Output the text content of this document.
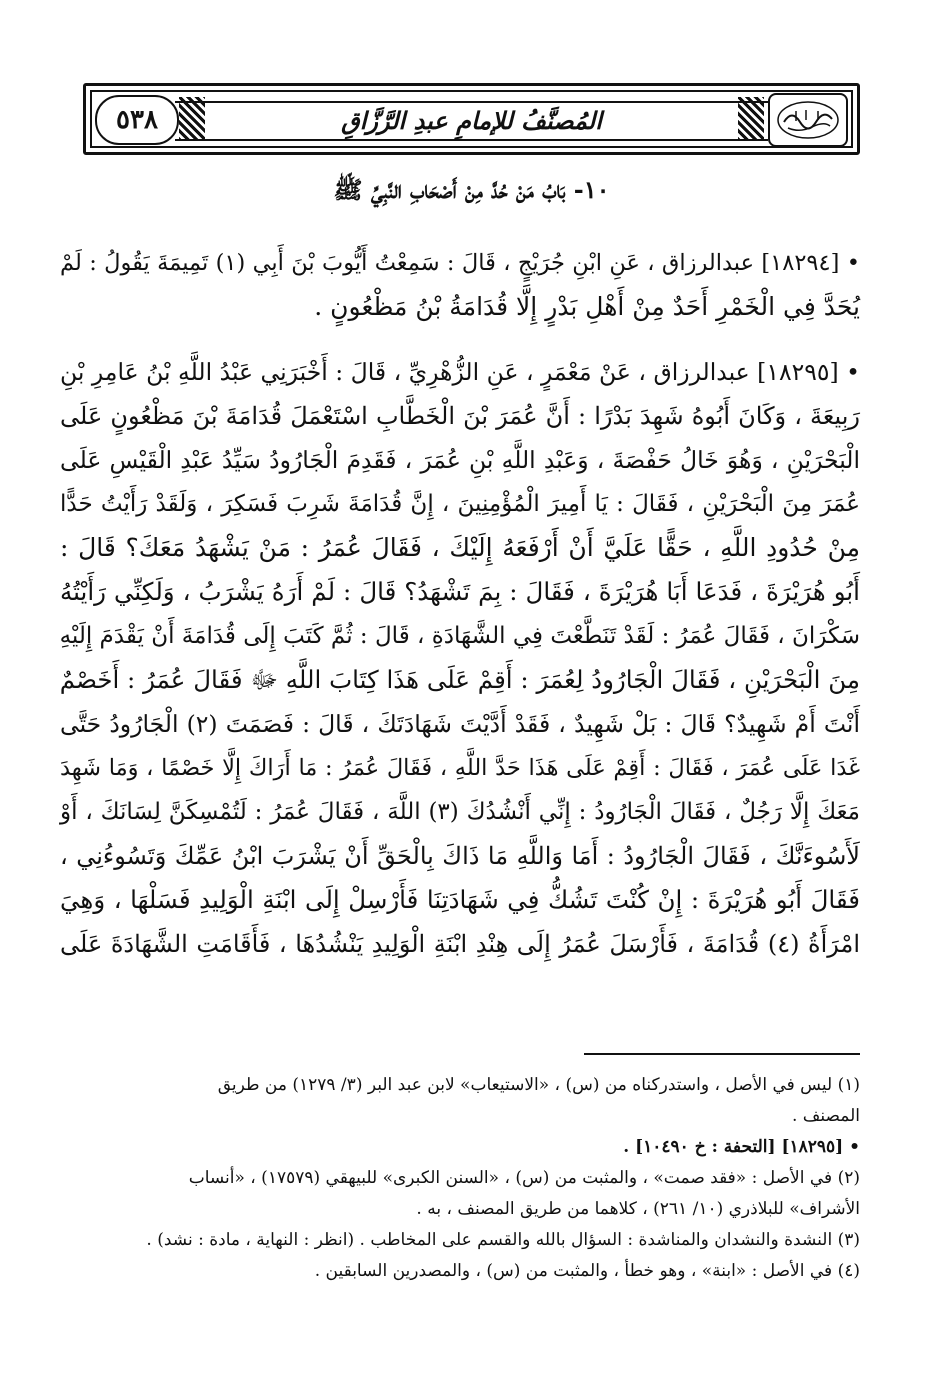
المُصنَّفُ للإمامِ عبدِ الرَّزَّاقِ
٥٣٨
١٠- بَابُ مَنْ حُدَّ مِنْ أَصْحَابِ النَّبِيِّ ﷺ
• [١٨٢٩٤] عبدالرزاق ، عَنِ ابْنِ جُرَيْجٍ ، قَالَ : سَمِعْتُ أَيُّوبَ بْنَ أَبِي (١) تَمِيمَةَ يَقُولُ : لَمْ
يُحَدَّ فِي الْخَمْرِ أَحَدٌ مِنْ أَهْلِ بَدْرٍ إِلَّا قُدَامَةُ بْنُ مَظْعُونٍ .
• [١٨٢٩٥] عبدالرزاق ، عَنْ مَعْمَرٍ ، عَنِ الزُّهْرِيِّ ، قَالَ : أَخْبَرَنِي عَبْدُ اللَّهِ بْنُ عَامِرِ بْنِ
رَبِيعَةَ ، وَكَانَ أَبُوهُ شَهِدَ بَدْرًا : أَنَّ عُمَرَ بْنَ الْخَطَّابِ اسْتَعْمَلَ قُدَامَةَ بْنَ مَظْعُونٍ عَلَى
الْبَحْرَيْنِ ، وَهُوَ خَالُ حَفْصَةَ ، وَعَبْدِ اللَّهِ بْنِ عُمَرَ ، فَقَدِمَ الْجَارُودُ سَيِّدُ عَبْدِ الْقَيْسِ عَلَى
عُمَرَ مِنَ الْبَحْرَيْنِ ، فَقَالَ : يَا أَمِيرَ الْمُؤْمِنِينَ ، إِنَّ قُدَامَةَ شَرِبَ فَسَكِرَ ، وَلَقَدْ رَأَيْتُ حَدًّا
مِنْ حُدُودِ اللَّهِ ، حَقًّا عَلَيَّ أَنْ أَرْفَعَهُ إِلَيْكَ ، فَقَالَ عُمَرُ : مَنْ يَشْهَدُ مَعَكَ؟ قَالَ :
أَبُو هُرَيْرَةَ ، فَدَعَا أَبَا هُرَيْرَةَ ، فَقَالَ : بِمَ تَشْهَدُ؟ قَالَ : لَمْ أَرَهُ يَشْرَبُ ، وَلَكِنِّي رَأَيْتُهُ
سَكْرَانَ ، فَقَالَ عُمَرُ : لَقَدْ تَنَطَّعْتَ فِي الشَّهَادَةِ ، قَالَ : ثُمَّ كَتَبَ إِلَى قُدَامَةَ أَنْ يَقْدَمَ إِلَيْهِ
مِنَ الْبَحْرَيْنِ ، فَقَالَ الْجَارُودُ لِعُمَرَ : أَقِمْ عَلَى هَذَا كِتَابَ اللَّهِ ﷻ فَقَالَ عُمَرُ : أَخَصْمٌ
أَنْتَ أَمْ شَهِيدٌ؟ قَالَ : بَلْ شَهِيدٌ ، فَقَدْ أَدَّيْتَ شَهَادَتَكَ ، قَالَ : فَصَمَتَ (٢) الْجَارُودُ حَتَّى
غَدَا عَلَى عُمَرَ ، فَقَالَ : أَقِمْ عَلَى هَذَا حَدَّ اللَّهِ ، فَقَالَ عُمَرُ : مَا أَرَاكَ إِلَّا خَصْمًا ، وَمَا شَهِدَ
مَعَكَ إِلَّا رَجُلٌ ، فَقَالَ الْجَارُودُ : إِنِّي أَنْشُدُكَ (٣) اللَّهَ ، فَقَالَ عُمَرُ : لَتُمْسِكَنَّ لِسَانَكَ ، أَوْ
لَأَسُوءَنَّكَ ، فَقَالَ الْجَارُودُ : أَمَا وَاللَّهِ مَا ذَاكَ بِالْحَقِّ أَنْ يَشْرَبَ ابْنُ عَمِّكَ وَتَسُوءُنِي ،
فَقَالَ أَبُو هُرَيْرَةَ : إِنْ كُنْتَ تَشُكُّ فِي شَهَادَتِنَا فَأَرْسِلْ إِلَى ابْنَةِ الْوَلِيدِ فَسَلْهَا ، وَهِيَ
امْرَأَةُ (٤) قُدَامَةَ ، فَأَرْسَلَ عُمَرُ إِلَى هِنْدِ ابْنَةِ الْوَلِيدِ يَنْشُدُهَا ، فَأَقَامَتِ الشَّهَادَةَ عَلَى
(١) ليس في الأصل ، واستدركناه من (س) ، «الاستيعاب» لابن عبد البر (٣/ ١٢٧٩) من طريق
المصنف .
• [١٨٢٩٥] [التحفة : خ ١٠٤٩٠] .
(٢) في الأصل : «فقد صمت» ، والمثبت من (س) ، «السنن الكبرى» للبيهقي (١٧٥٧٩) ، «أنساب
الأشراف» للبلاذري (١٠/ ٢٦١) ، كلاهما من طريق المصنف ، به .
(٣) النشدة والنشدان والمناشدة : السؤال بالله والقسم على المخاطب . (انظر : النهاية ، مادة : نشد) .
(٤) في الأصل : «ابنة» ، وهو خطأ ، والمثبت من (س) ، والمصدرين السابقين .
